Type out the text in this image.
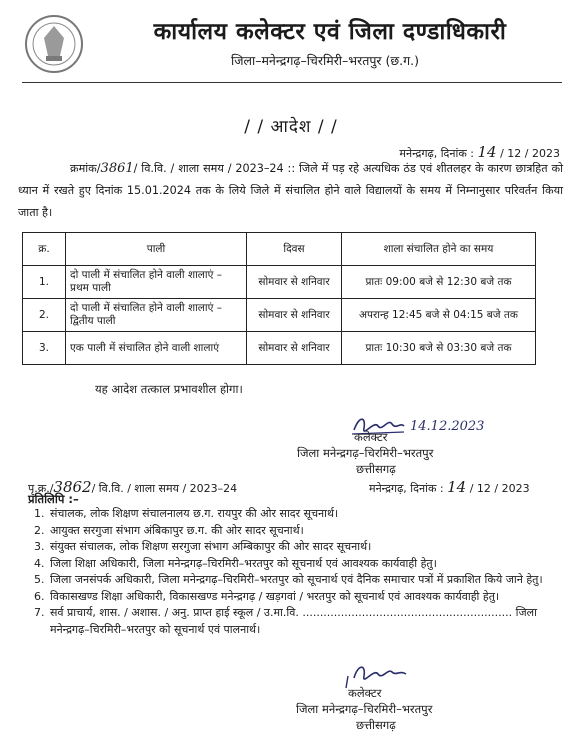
कार्यालय कलेक्टर एवं जिला दण्डाधिकारी
जिला–मनेन्द्रगढ़–चिरमिरी–भरतपुर (छ.ग.)
/ / आदेश / /
मनेन्द्रगढ़, दिनांक : 14 / 12 / 2023
क्रमांक/3861/ वि.वि. / शाला समय / 2023–24 :: जिले में पड़ रहे अत्यधिक ठंड एवं शीतलहर के कारण छात्रहित को ध्यान में रखते हुए दिनांक 15.01.2024 तक के लिये जिले में संचालित होने वाले विद्यालयों के समय में निम्नानुसार परिवर्तन किया जाता है।
क्र.	पाली	दिवस	शाला संचालित होने का समय
1.	दो पाली में संचालित होने वाली शालाएं – प्रथम पाली	सोमवार से शनिवार	प्रातः 09:00 बजे से 12:30 बजे तक
2.	दो पाली में संचालित होने वाली शालाएं – द्वितीय पाली	सोमवार से शनिवार	अपरान्ह 12:45 बजे से 04:15 बजे तक
3.	एक पाली में संचालित होने वाली शालाएं	सोमवार से शनिवार	प्रातः 10:30 बजे से 03:30 बजे तक
यह आदेश तत्काल प्रभावशील होगा।
14.12.2023
कलेक्टर
जिला मनेन्द्रगढ़–चिरमिरी–भरतपुर
छत्तीसगढ़
पृ.क्र./3862/ वि.वि. / शाला समय / 2023–24	मनेन्द्रगढ़, दिनांक : 14 / 12 / 2023
प्रतिलिपि :–
1. संचालक, लोक शिक्षण संचालनालय छ.ग. रायपुर की ओर सादर सूचनार्थ।
2. आयुक्त सरगुजा संभाग अंबिकापुर छ.ग. की ओर सादर सूचनार्थ।
3. संयुक्त संचालक, लोक शिक्षण सरगुजा संभाग अम्बिकापुर की ओर सादर सूचनार्थ।
4. जिला शिक्षा अधिकारी, जिला मनेन्द्रगढ़–चिरमिरी–भरतपुर को सूचनार्थ एवं आवश्यक कार्यवाही हेतु।
5. जिला जनसंपर्क अधिकारी, जिला मनेन्द्रगढ़–चिरमिरी–भरतपुर को सूचनार्थ एवं दैनिक समाचार पत्रों में प्रकाशित किये जाने हेतु।
6. विकासखण्ड शिक्षा अधिकारी, विकासखण्ड मनेन्द्रगढ़ / खड़गवां / भरतपुर को सूचनार्थ एवं आवश्यक कार्यवाही हेतु।
7. सर्व प्राचार्य, शास. / अशास. / अनु. प्राप्त हाई स्कूल / उ.मा.वि. ............................................................ जिला मनेन्द्रगढ़–चिरमिरी–भरतपुर को सूचनार्थ एवं पालनार्थ।
कलेक्टर
जिला मनेन्द्रगढ़–चिरमिरी–भरतपुर
छत्तीसगढ़
